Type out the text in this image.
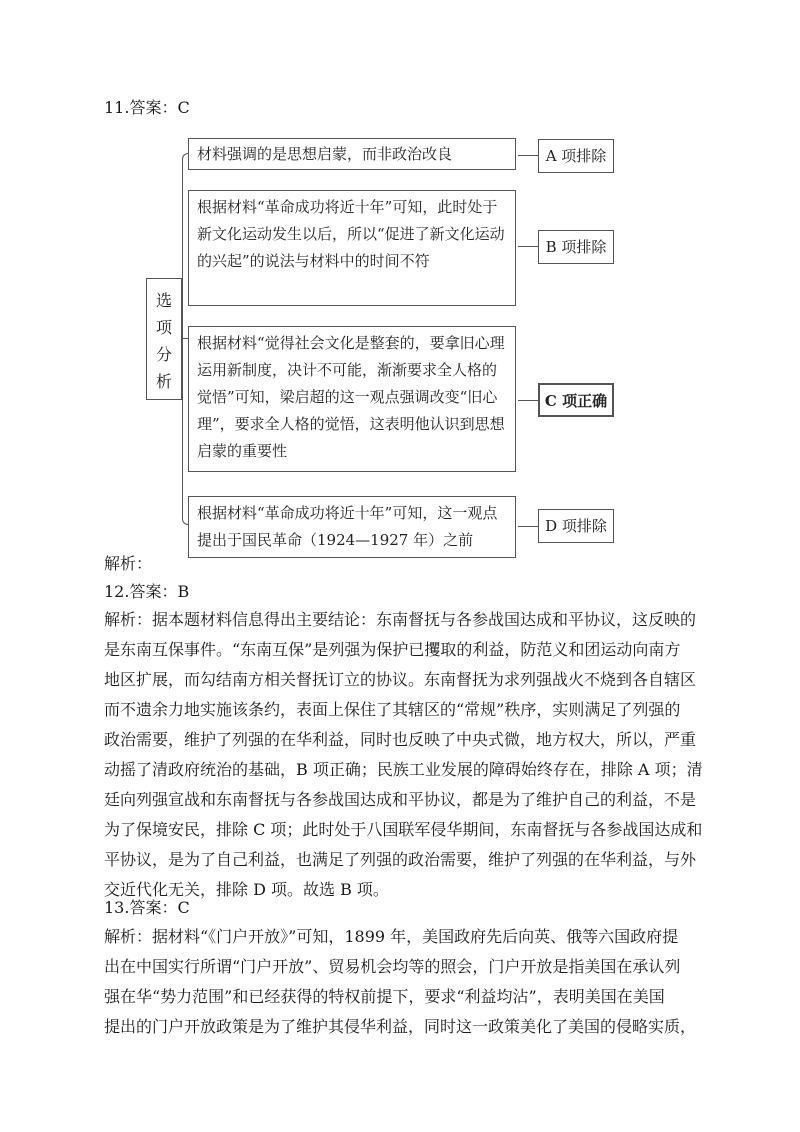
11.答案：C
选
项
分
析
材料强调的是思想启蒙，而非政治改良	A 项排除
根据材料“革命成功将近十年”可知，此时处于新文化运动发生以后，所以“促进了新文化运动的兴起”的说法与材料中的时间不符
B 项排除
根据材料“觉得社会文化是整套的，要拿旧心理运用新制度，决计不可能，渐渐要求全人格的觉悟”可知，梁启超的这一观点强调改变“旧心理”，要求全人格的觉悟，这表明他认识到思想启蒙的重要性
C 项正确
根据材料“革命成功将近十年”可知，这一观点提出于国民革命（1924—1927 年）之前
D 项排除
解析：
12.答案：B
解析：据本题材料信息得出主要结论：东南督抚与各参战国达成和平协议，这反映的
是东南互保事件。“东南互保”是列强为保护已攫取的利益，防范义和团运动向南方
地区扩展，而勾结南方相关督抚订立的协议。东南督抚为求列强战火不烧到各自辖区
而不遗余力地实施该条约，表面上保住了其辖区的“常规”秩序，实则满足了列强的
政治需要，维护了列强的在华利益，同时也反映了中央式微，地方权大，所以，严重
动摇了清政府统治的基础，B 项正确；民族工业发展的障碍始终存在，排除 A 项；清
廷向列强宣战和东南督抚与各参战国达成和平协议，都是为了维护自己的利益，不是
为了保境安民，排除 C 项；此时处于八国联军侵华期间，东南督抚与各参战国达成和
平协议，是为了自己利益，也满足了列强的政治需要，维护了列强的在华利益，与外
交近代化无关，排除 D 项。故选 B 项。
13.答案：C
解析：据材料“《门户开放》”可知，1899 年，美国政府先后向英、俄等六国政府提
出在中国实行所谓“门户开放”、贸易机会均等的照会，门户开放是指美国在承认列
强在华“势力范围”和已经获得的特权前提下，要求“利益均沾”，表明美国在美国
提出的门户开放政策是为了维护其侵华利益，同时这一政策美化了美国的侵略实质，
